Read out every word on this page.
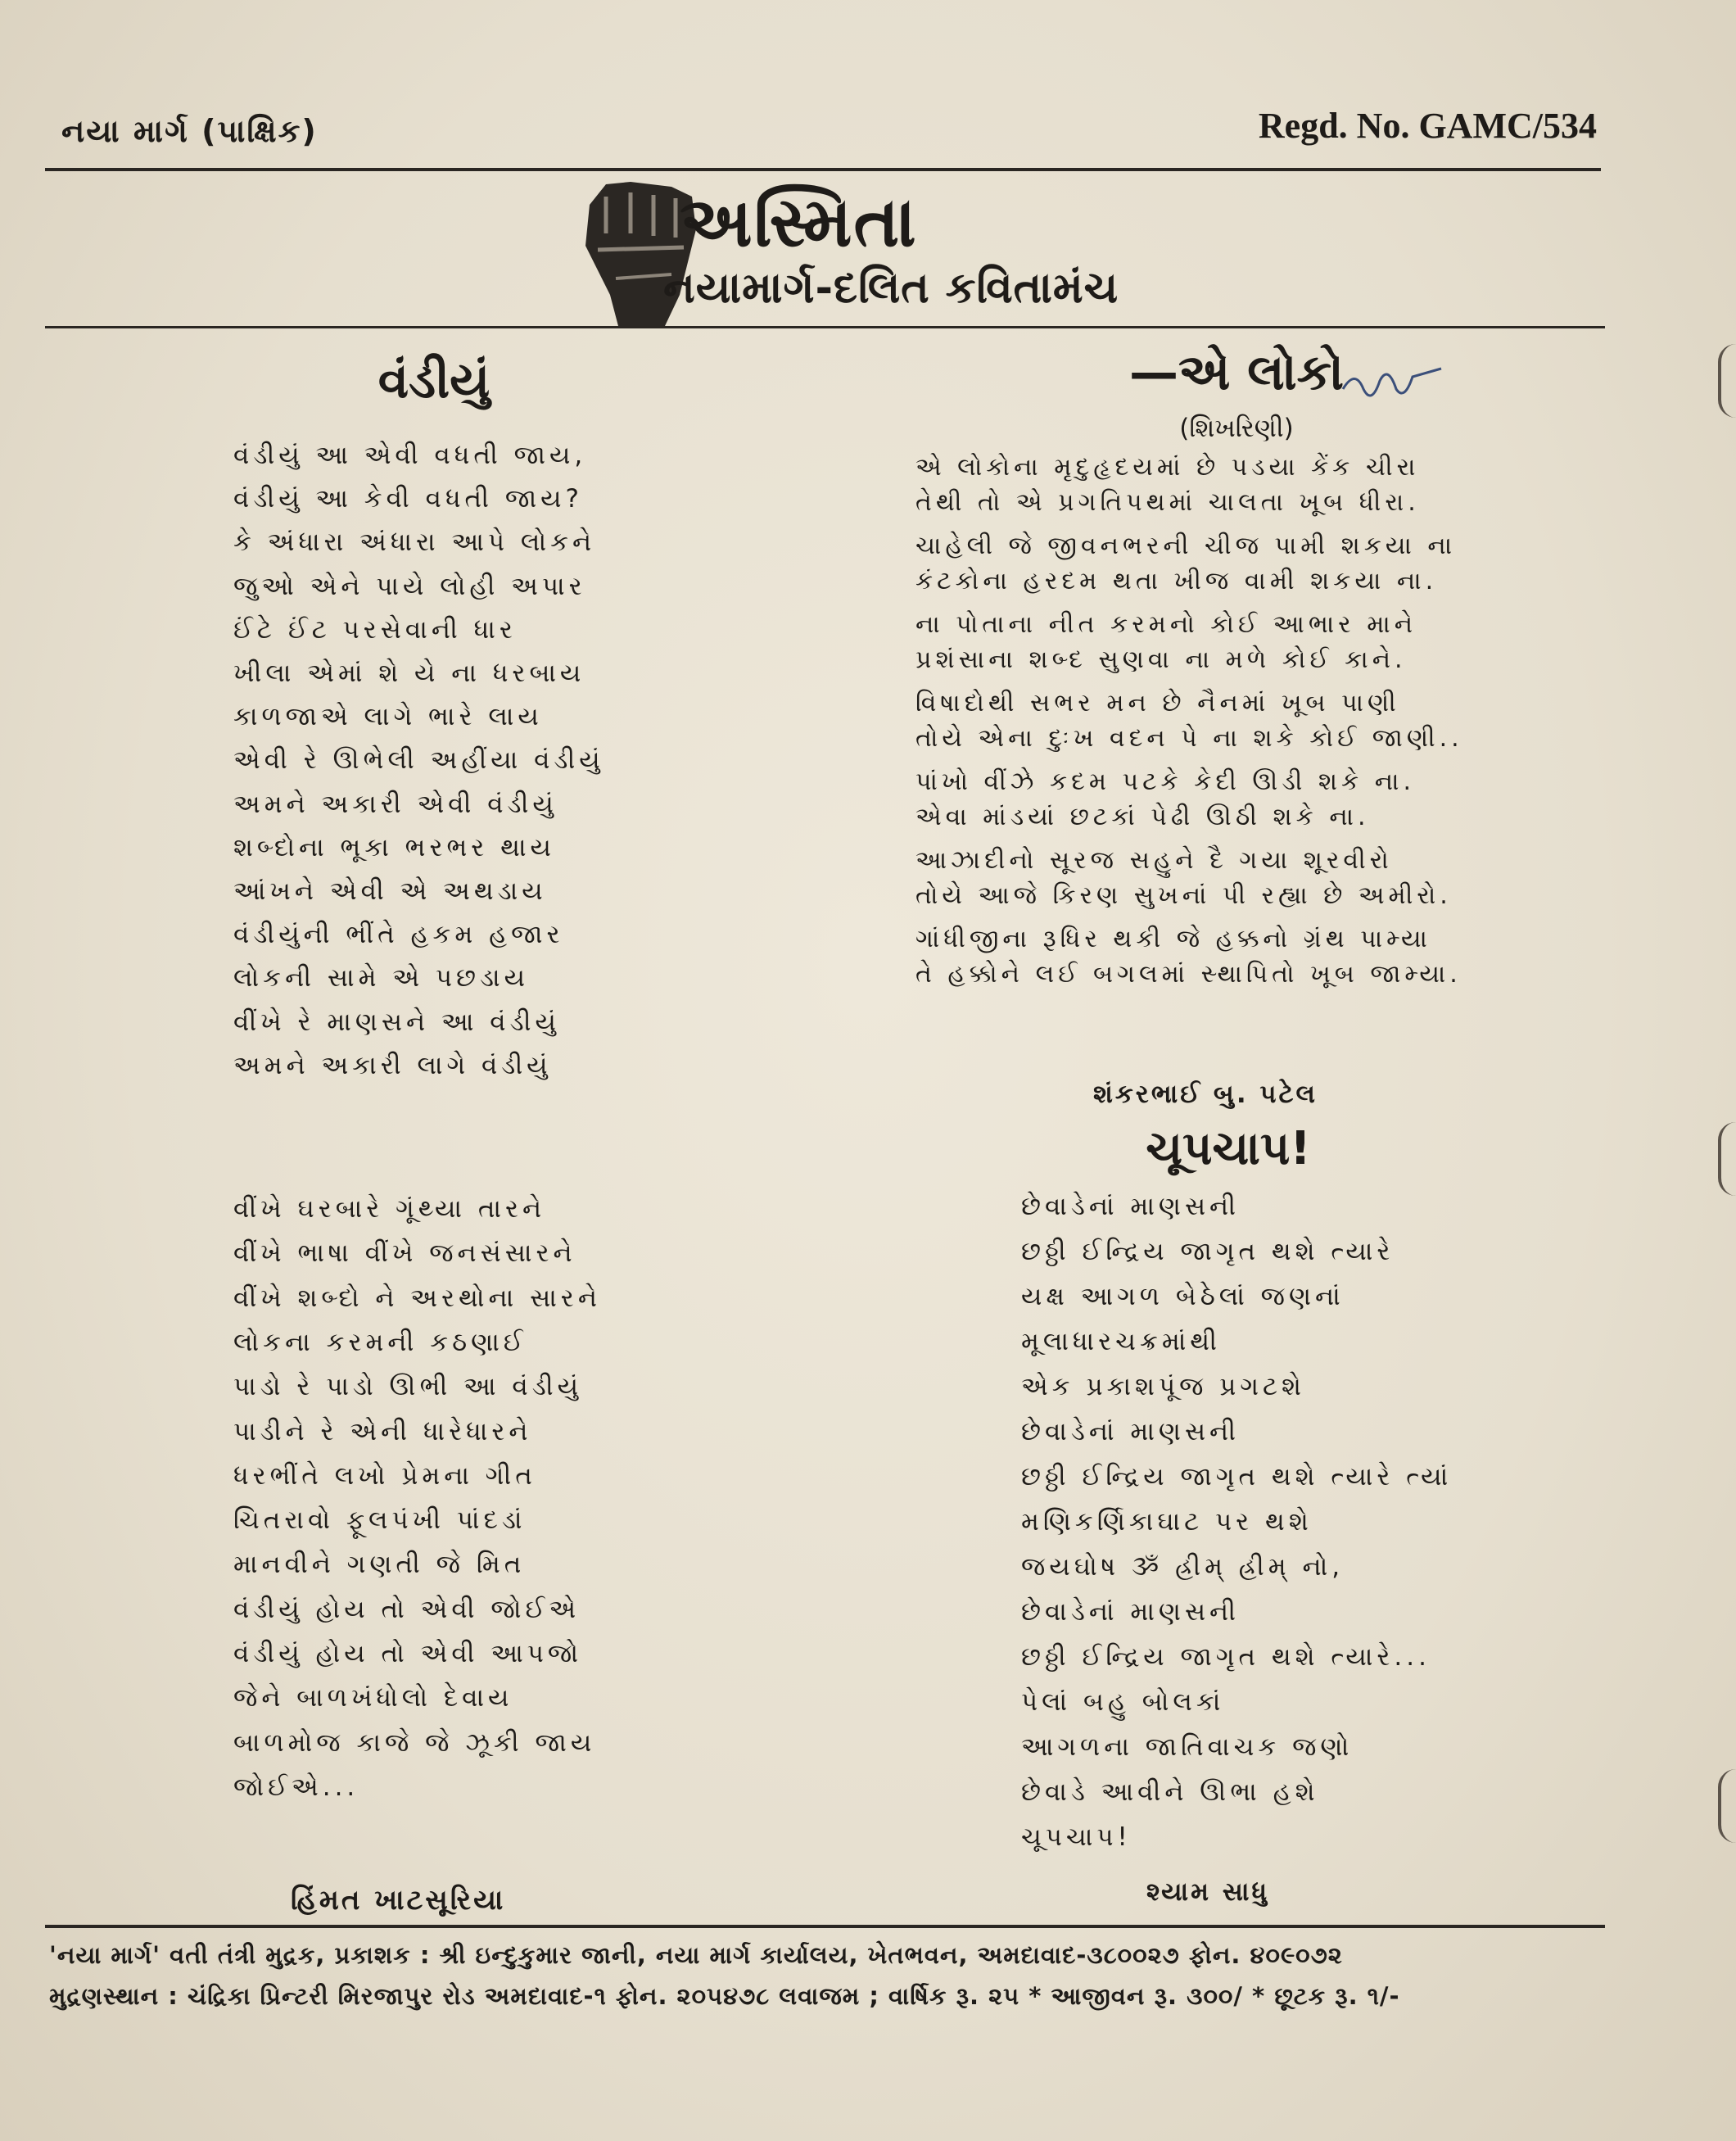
નયા માર્ગ (પાક્ષિક)	Regd. No. GAMC/534
અસ્મિતા
નયામાર્ગ-દલિત કવિતામંચ
વંડીયું
વંડીયું આ એવી વધતી જાય,
વંડીયું આ કેવી વધતી જાય?
કે અંધારા અંધારા આપે લોકને
જુઓ એને પાયે લોહી અપાર
ઈંટે ઈંટ પરસેવાની ધાર
ખીલા એમાં શે યે ના ધરબાય
કાળજાએ લાગે ભારે લાય
એવી રે ઊભેલી અહીંયા વંડીયું
અમને અકારી એવી વંડીયું
શબ્દોના ભૂકા ભરભર થાય
આંખને એવી એ અથડાય
વંડીયુંની ભીંતે હકમ હજાર
લોકની સામે એ પછડાય
વીંખે રે માણસને આ વંડીયું
અમને અકારી લાગે વંડીયું
વીંખે ઘરબારે ગૂંથ્યા તારને
વીંખે ભાષા વીંખે જનસંસારને
વીંખે શબ્દો ને અરથોના સારને
લોકના કરમની કઠણાઈ
પાડો રે પાડો ઊભી આ વંડીયું
પાડીને રે એની ધારેધારને
ધરભીંતે લખો પ્રેમના ગીત
ચિતરાવો ફૂલપંખી પાંદડાં
માનવીને ગણતી જે મિત
વંડીયું હોય તો એવી જોઈએ
વંડીયું હોય તો એવી આપજો
જેને બાળખંધોલો દેવાય
બાળમોજ કાજે જે ઝૂકી જાય
જોઈએ...
હિંમત ખાટસૂરિયા
—એ લોકો
(શિખરિણી)
એ લોકોના મૃદુહૃદયમાં છે પડયા કેંક ચીરા
તેથી તો એ પ્રગતિપથમાં ચાલતા ખૂબ ધીરા.
ચાહેલી જે જીવનભરની ચીજ પામી શકયા ના
કંટકોના હરદમ થતા ખીજ વામી શકયા ના.
ના પોતાના નીત કરમનો કોઈ આભાર માને
પ્રશંસાના શબ્દ સુણવા ના મળે કોઈ કાને.
વિષાદોથી સભર મન છે નૈનમાં ખૂબ પાણી
તોયે એના દુઃખ વદન પે ના શકે કોઈ જાણી..
પાંખો વીંઝે કદમ પટકે કેદી ઊડી શકે ના.
એવા માંડયાં છટકાં પેઢી ઊઠી શકે ના.
આઝાદીનો સૂરજ સહુને દૈ ગયા શૂરવીરો
તોયે આજે કિરણ સુખનાં પી રહ્યા છે અમીરો.
ગાંધીજીના રૂધિર થકી જે હક્કનો ગ્રંથ પામ્યા
તે હક્કોને લઈ બગલમાં સ્થાપિતો ખૂબ જામ્યા.
શંકરભાઈ બુ. પટેલ
ચૂપચાપ!
છેવાડેનાં માણસની
છઠ્ઠી ઈન્દ્રિય જાગૃત થશે ત્યારે
યક્ષ આગળ બેઠેલાં જણનાં
મૂલાધારચક્રમાંથી
એક પ્રકાશપૂંજ પ્રગટશે
છેવાડેનાં માણસની
છઠ્ઠી ઈન્દ્રિય જાગૃત થશે ત્યારે ત્યાં
મણિકર્ણિકાઘાટ પર થશે
જયઘોષ ૐ હ્રીમ્ હ્રીમ્ નો,
છેવાડેનાં માણસની
છઠ્ઠી ઈન્દ્રિય જાગૃત થશે ત્યારે...
પેલાં બહુ બોલકાં
આગળના જાતિવાચક જણો
છેવાડે આવીને ઊભા હશે
ચૂપચાપ!
શ્યામ સાધુ
'નયા માર્ગ' વતી તંત્રી મુદ્રક, પ્રકાશક : શ્રી ઇન્દુકુમાર જાની, નયા માર્ગ કાર્યાલય, ખેતભવન, અમદાવાદ-૩૮૦૦૨૭ ફોન. ૪૦૯૦૭૨
મુદ્રણસ્થાન : ચંદ્રિકા પ્રિન્ટરી મિરજાપુર રોડ અમદાવાદ-૧ ફોન. ૨૦૫૪૭૮ લવાજમ ; વાર્ષિક રૂ. ૨૫ * આજીવન રૂ. ૩૦૦/ * છૂટક રૂ. ૧/-
